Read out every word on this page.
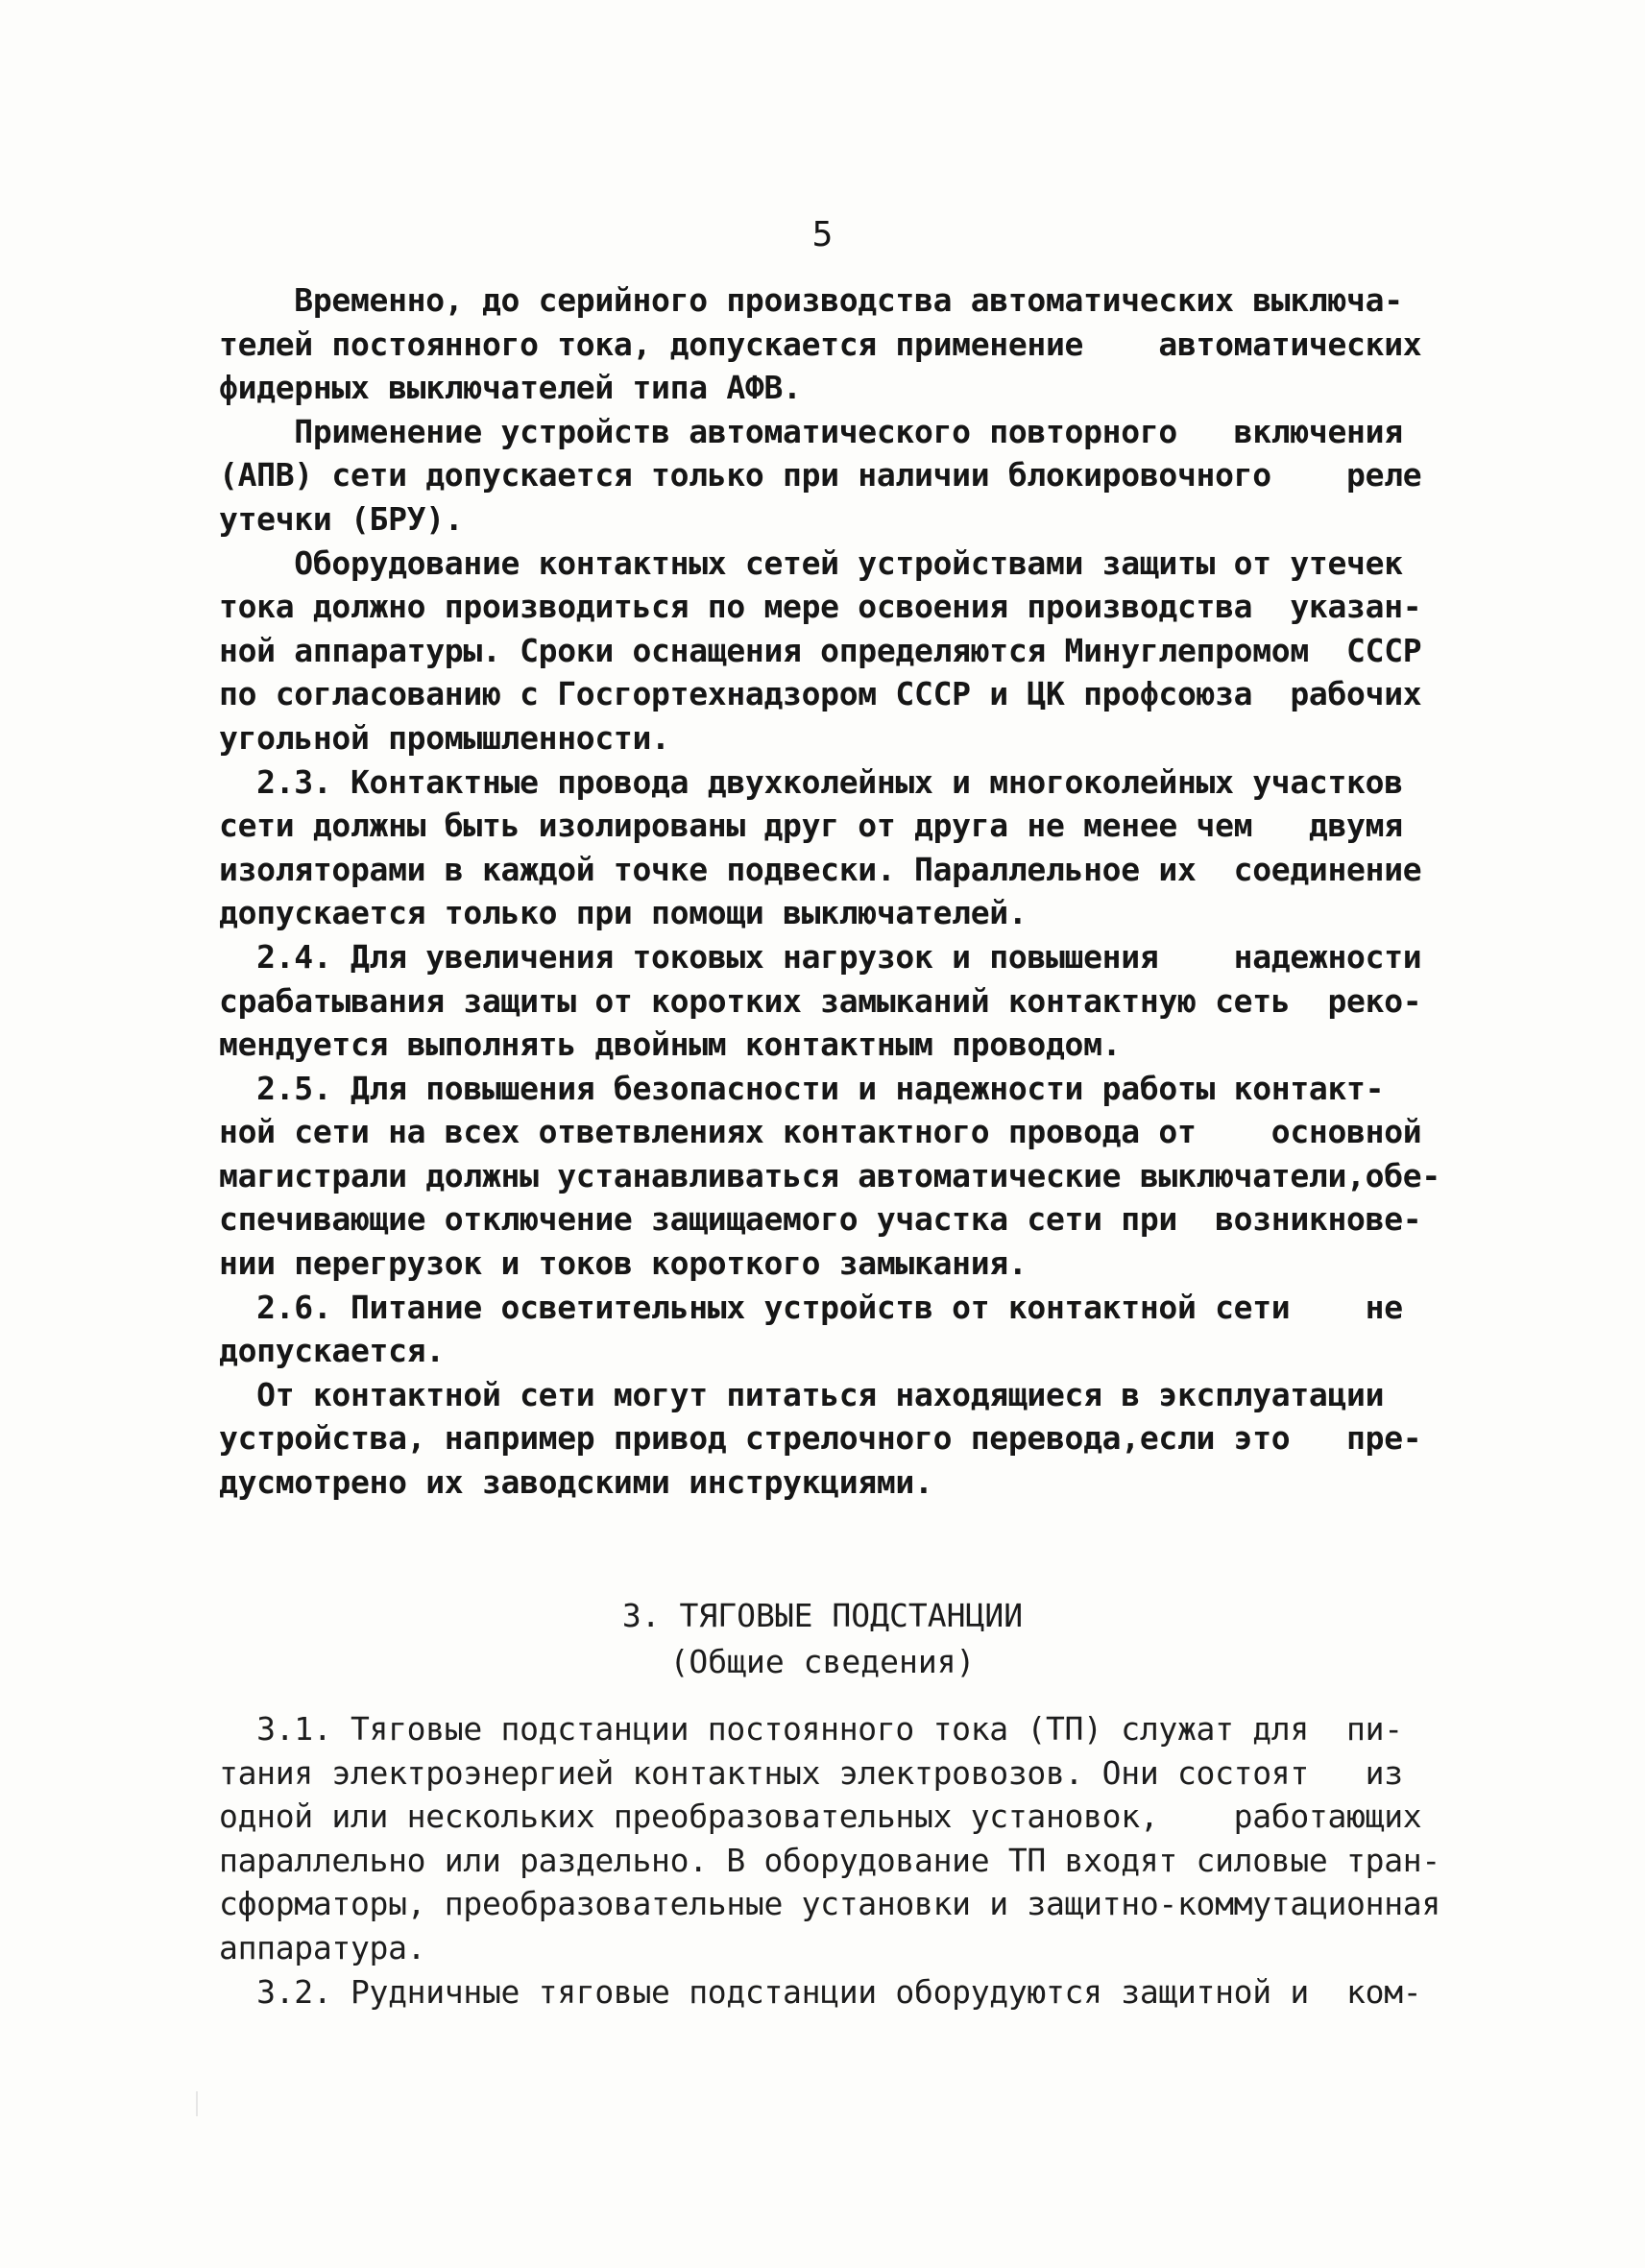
5
Временно, до серийного производства автоматических выключа-
телей постоянного тока, допускается применение    автоматических
фидерных выключателей типа АФВ.
Применение устройств автоматического повторного   включения
(АПВ) сети допускается только при наличии блокировочного    реле
утечки (БРУ).
Оборудование контактных сетей устройствами защиты от утечек
тока должно производиться по мере освоения производства  указан-
ной аппаратуры. Сроки оснащения определяются Минуглепромом  СССР
по согласованию с Госгортехнадзором СССР и ЦК профсоюза  рабочих
угольной промышленности.
2.3. Контактные провода двухколейных и многоколейных участков
сети должны быть изолированы друг от друга не менее чем   двумя
изоляторами в каждой точке подвески. Параллельное их  соединение
допускается только при помощи выключателей.
2.4. Для увеличения токовых нагрузок и повышения    надежности
срабатывания защиты от коротких замыканий контактную сеть  реко-
мендуется выполнять двойным контактным проводом.
2.5. Для повышения безопасности и надежности работы контакт-
ной сети на всех ответвлениях контактного провода от    основной
магистрали должны устанавливаться автоматические выключатели,обе-
спечивающие отключение защищаемого участка сети при  возникнове-
нии перегрузок и токов короткого замыкания.
2.6. Питание осветительных устройств от контактной сети    не
допускается.
От контактной сети могут питаться находящиеся в эксплуатации
устройства, например привод стрелочного перевода,если это   пре-
дусмотрено их заводскими инструкциями.
3. ТЯГОВЫЕ ПОДСТАНЦИИ
(Общие сведения)
3.1. Тяговые подстанции постоянного тока (ТП) служат для  пи-
тания электроэнергией контактных электровозов. Они состоят   из
одной или нескольких преобразовательных установок,    работающих
параллельно или раздельно. В оборудование ТП входят силовые тран-
сформаторы, преобразовательные установки и защитно-коммутационная
аппаратура.
3.2. Рудничные тяговые подстанции оборудуются защитной и  ком-
